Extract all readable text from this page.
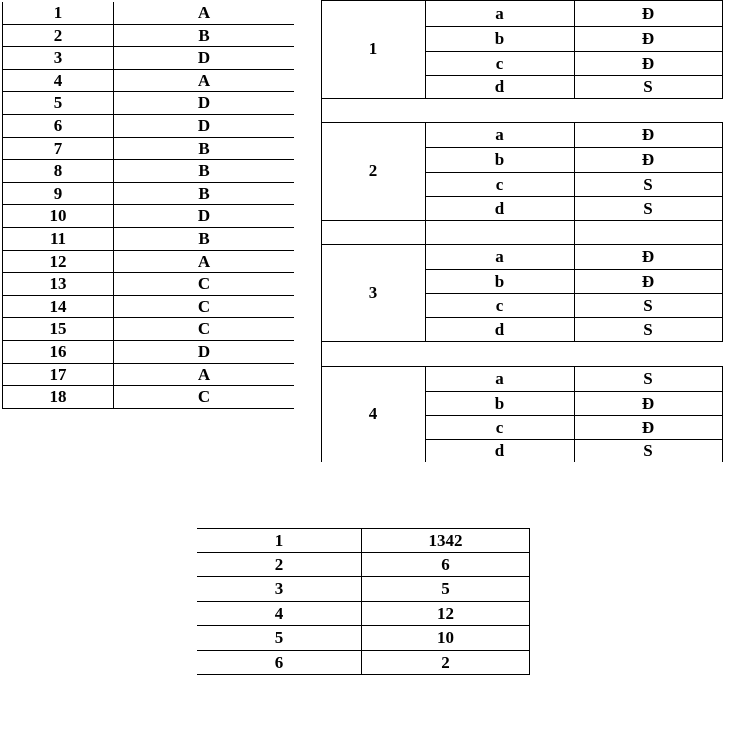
1	A
2	B
3	D
4	A
5	D
6	D
7	B
8	B
9	B
10	D
11	B
12	A
13	C
14	C
15	C
16	D
17	A
18	C
1
a	Đ
b	Đ
c	Đ
d	S
2
a	Đ
b	Đ
c	S
d	S
3
a	Đ
b	Đ
c	S
d	S
4
a	S
b	Đ
c	Đ
d	S
1	1342
2	6
3	5
4	12
5	10
6	2
